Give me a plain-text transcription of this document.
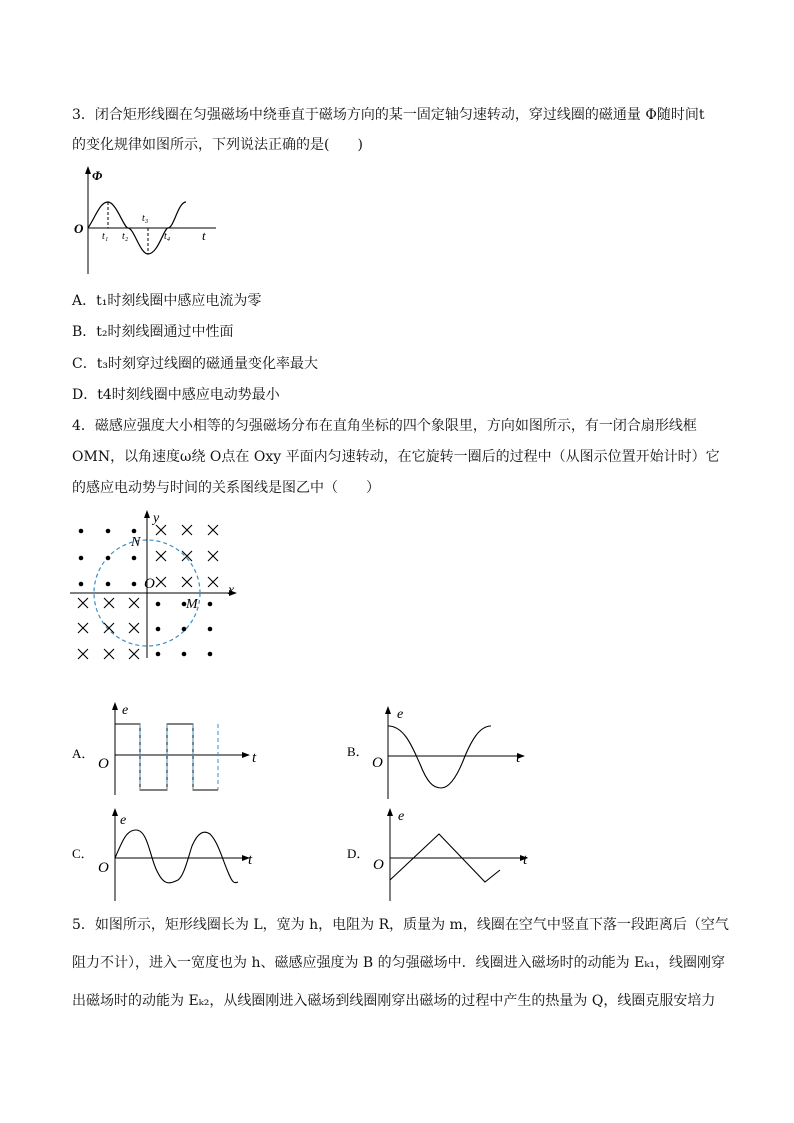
3．闭合矩形线圈在匀强磁场中绕垂直于磁场方向的某一固定轴匀速转动，穿过线圈的磁通量 Φ随时间t
的变化规律如图所示，下列说法正确的是(　　)
Φ
O	t
t₁ t₂
t₃
t₄
A．t₁时刻线圈中感应电流为零
B．t₂时刻线圈通过中性面
C．t₃时刻穿过线圈的磁通量变化率最大
D．t4时刻线圈中感应电动势最小
4．磁感应强度大小相等的匀强磁场分布在直角坐标的四个象限里，方向如图所示，有一闭合扇形线框
OMN，以角速度ω绕 O点在 Oxy 平面内匀速转动，在它旋转一圈后的过程中（从图示位置开始计时）它
的感应电动势与时间的关系图线是图乙中（　　）
y
x
N
O
M
A．
e
O	t	B．
e
O	t
C．
e
O	t	D．
e
O	t
5．如图所示，矩形线圈长为 L，宽为 h，电阻为 R，质量为 m，线圈在空气中竖直下落一段距离后（空气
阻力不计），进入一宽度也为 h、磁感应强度为 B 的匀强磁场中．线圈进入磁场时的动能为 Eₖ₁，线圈刚穿
出磁场时的动能为 Eₖ₂，从线圈刚进入磁场到线圈刚穿出磁场的过程中产生的热量为 Q，线圈克服安培力
